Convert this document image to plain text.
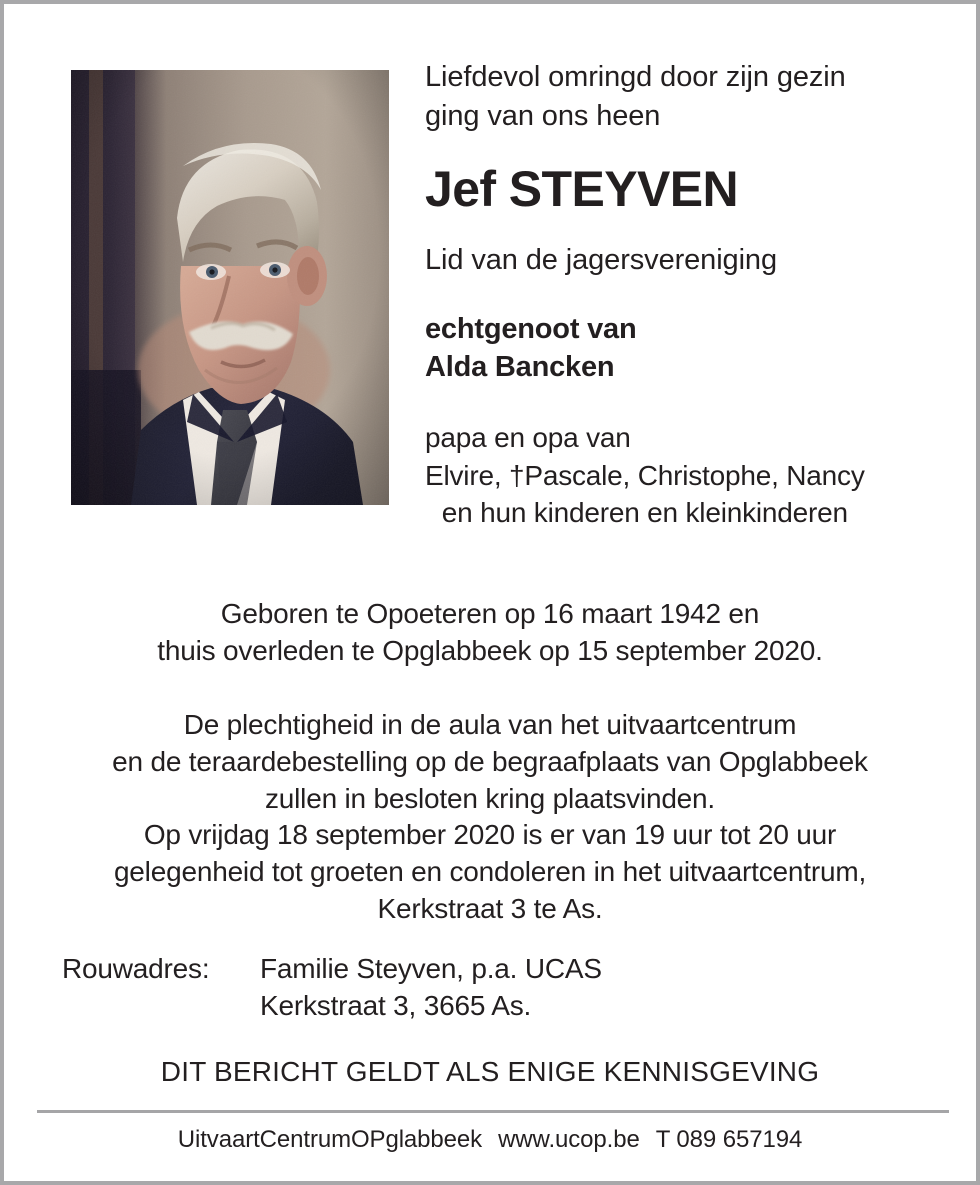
Liefdevol omringd door zijn gezin
ging van ons heen
Jef STEYVEN
Lid van de jagersvereniging
echtgenoot van
Alda Bancken
papa en opa van
Elvire, †Pascale, Christophe, Nancy
en hun kinderen en kleinkinderen
Geboren te Opoeteren op 16 maart 1942 en
thuis overleden te Opglabbeek op 15 september 2020.
De plechtigheid in de aula van het uitvaartcentrum
en de teraardebestelling op de begraafplaats van Opglabbeek
zullen in besloten kring plaatsvinden.
Op vrijdag 18 september 2020 is er van 19 uur tot 20 uur
gelegenheid tot groeten en condoleren in het uitvaartcentrum,
Kerkstraat 3 te As.
Rouwadres:	Familie Steyven, p.a. UCAS
Kerkstraat 3, 3665 As.
DIT BERICHT GELDT ALS ENIGE KENNISGEVING
UitvaartCentrumOPglabbeek www.ucop.be T 089 657194
